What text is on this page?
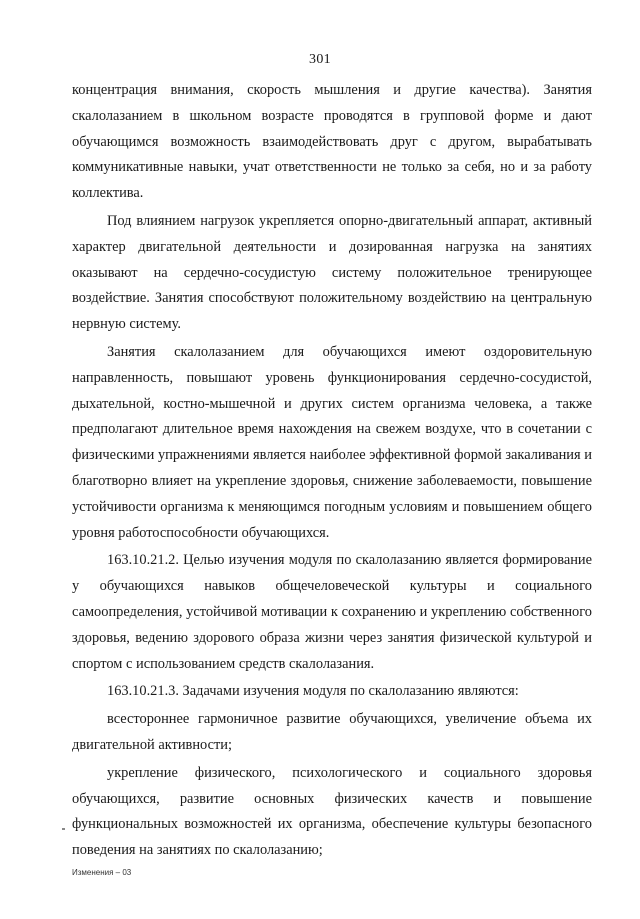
301

концентрация внимания, скорость мышления и другие качества). Занятия скалолазанием в школьном возрасте проводятся в групповой форме и дают обучающимся возможность взаимодействовать друг с другом, вырабатывать коммуникативные навыки, учат ответственности не только за себя, но и за работу коллектива.

Под влиянием нагрузок укрепляется опорно-двигательный аппарат, активный характер двигательной деятельности и дозированная нагрузка на занятиях оказывают на сердечно-сосудистую систему положительное тренирующее воздействие. Занятия способствуют положительному воздействию на центральную нервную систему.

Занятия скалолазанием для обучающихся имеют оздоровительную направленность, повышают уровень функционирования сердечно-сосудистой, дыхательной, костно-мышечной и других систем организма человека, а также предполагают длительное время нахождения на свежем воздухе, что в сочетании с физическими упражнениями является наиболее эффективной формой закаливания и благотворно влияет на укрепление здоровья, снижение заболеваемости, повышение устойчивости организма к меняющимся погодным условиям и повышением общего уровня работоспособности обучающихся.

163.10.21.2. Целью изучения модуля по скалолазанию является формирование у обучающихся навыков общечеловеческой культуры и социального самоопределения, устойчивой мотивации к сохранению и укреплению собственного здоровья, ведению здорового образа жизни через занятия физической культурой и спортом с использованием средств скалолазания.

163.10.21.3. Задачами изучения модуля по скалолазанию являются:

всестороннее гармоничное развитие обучающихся, увеличение объема их двигательной активности;

укрепление физического, психологического и социального здоровья обучающихся, развитие основных физических качеств и повышение функциональных возможностей их организма, обеспечение культуры безопасного поведения на занятиях по скалолазанию;

Изменения – 03
